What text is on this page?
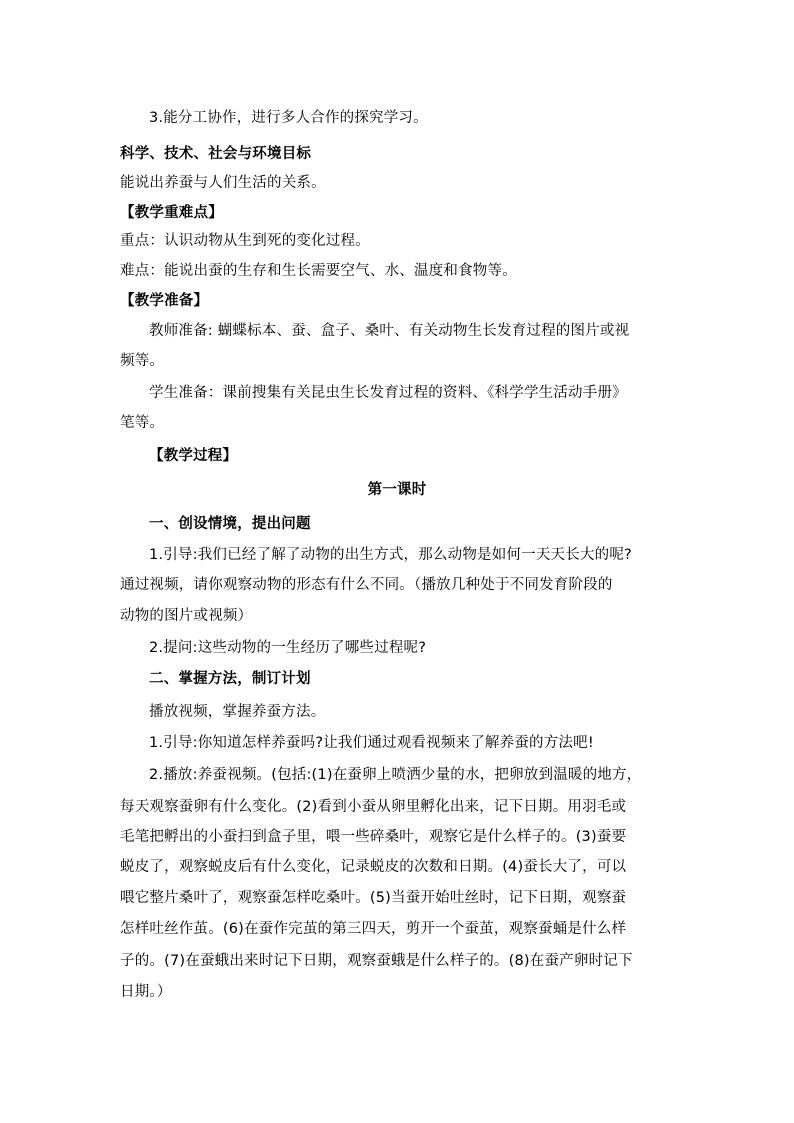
3.能分工协作，进行多人合作的探究学习。
科学、技术、社会与环境目标
能说出养蚕与人们生活的关系。
【教学重难点】
重点：认识动物从生到死的变化过程。
难点：能说出蚕的生存和生长需要空气、水、温度和食物等。
【教学准备】
教师准备: 蝴蝶标本、蚕、盒子、桑叶、有关动物生长发育过程的图片或视
频等。
学生准备：课前搜集有关昆虫生长发育过程的资料、《科学学生活动手册》
笔等。
【教学过程】
第一课时
一、创设情境，提出问题
1.引导:我们已经了解了动物的出生方式，那么动物是如何一天天长大的呢?
通过视频，请你观察动物的形态有什么不同。（播放几种处于不同发育阶段的
动物的图片或视频）
2.提问:这些动物的一生经历了哪些过程呢?
二、掌握方法，制订计划
播放视频，掌握养蚕方法。
1.引导:你知道怎样养蚕吗?让我们通过观看视频来了解养蚕的方法吧!
2.播放:养蚕视频。(包括:(1)在蚕卵上喷洒少量的水，把卵放到温暖的地方，
每天观察蚕卵有什么变化。(2)看到小蚕从卵里孵化出来，记下日期。用羽毛或
毛笔把孵出的小蚕扫到盒子里，喂一些碎桑叶，观察它是什么样子的。(3)蚕要
蜕皮了，观察蜕皮后有什么变化，记录蜕皮的次数和日期。(4)蚕长大了，可以
喂它整片桑叶了，观察蚕怎样吃桑叶。(5)当蚕开始吐丝时，记下日期，观察蚕
怎样吐丝作茧。(6)在蚕作完茧的第三四天，剪开一个蚕茧，观察蚕蛹是什么样
子的。(7)在蚕蛾出来时记下日期，观察蚕蛾是什么样子的。(8)在蚕产卵时记下
日期。）
